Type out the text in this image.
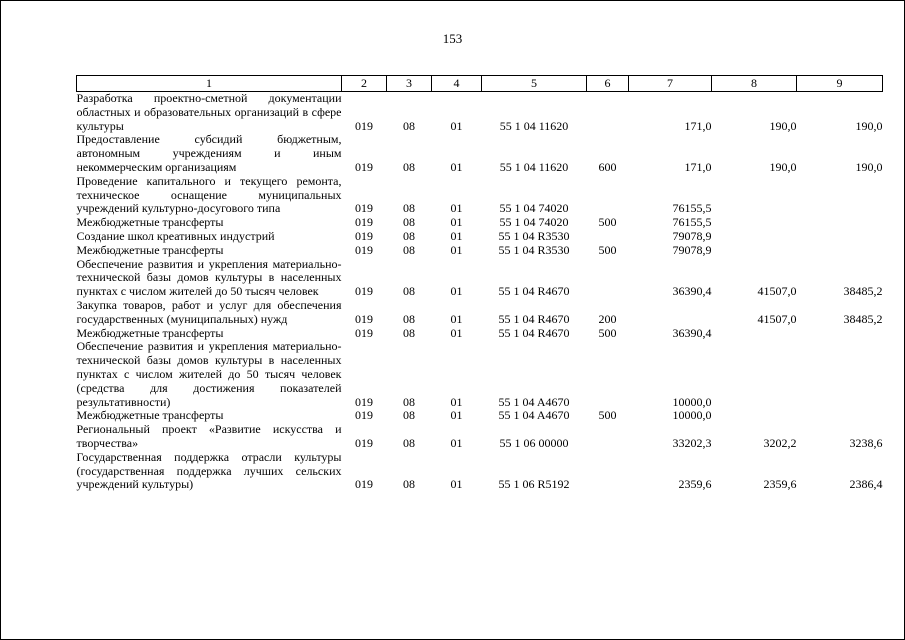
153
1	2	3	4	5	6	7	8	9
Разработка проектно-сметной документации областных и образовательных организаций в сфере культуры	019	08	01	55 1 04 11620		171,0	190,0	190,0
Предоставление субсидий бюджетным, автономным учреждениям и иным некоммерческим организациям	019	08	01	55 1 04 11620	600	171,0	190,0	190,0
Проведение капитального и текущего ремонта, техническое оснащение муниципальных учреждений культурно-досугового типа	019	08	01	55 1 04 74020		76155,5		
Межбюджетные трансферты	019	08	01	55 1 04 74020	500	76155,5		
Создание школ креативных индустрий	019	08	01	55 1 04 R3530		79078,9		
Межбюджетные трансферты	019	08	01	55 1 04 R3530	500	79078,9		
Обеспечение развития и укрепления материально-технической базы домов культуры в населенных пунктах с числом жителей до 50 тысяч человек	019	08	01	55 1 04 R4670		36390,4	41507,0	38485,2
Закупка товаров, работ и услуг для обеспечения государственных (муниципальных) нужд	019	08	01	55 1 04 R4670	200		41507,0	38485,2
Межбюджетные трансферты	019	08	01	55 1 04 R4670	500	36390,4		
Обеспечение развития и укрепления материально-технической базы домов культуры в населенных пунктах с числом жителей до 50 тысяч человек (средства для достижения показателей результативности)	019	08	01	55 1 04 A4670		10000,0		
Межбюджетные трансферты	019	08	01	55 1 04 A4670	500	10000,0		
Региональный проект «Развитие искусства и творчества»	019	08	01	55 1 06 00000		33202,3	3202,2	3238,6
Государственная поддержка отрасли культуры (государственная поддержка лучших сельских учреждений культуры)	019	08	01	55 1 06 R5192		2359,6	2359,6	2386,4
